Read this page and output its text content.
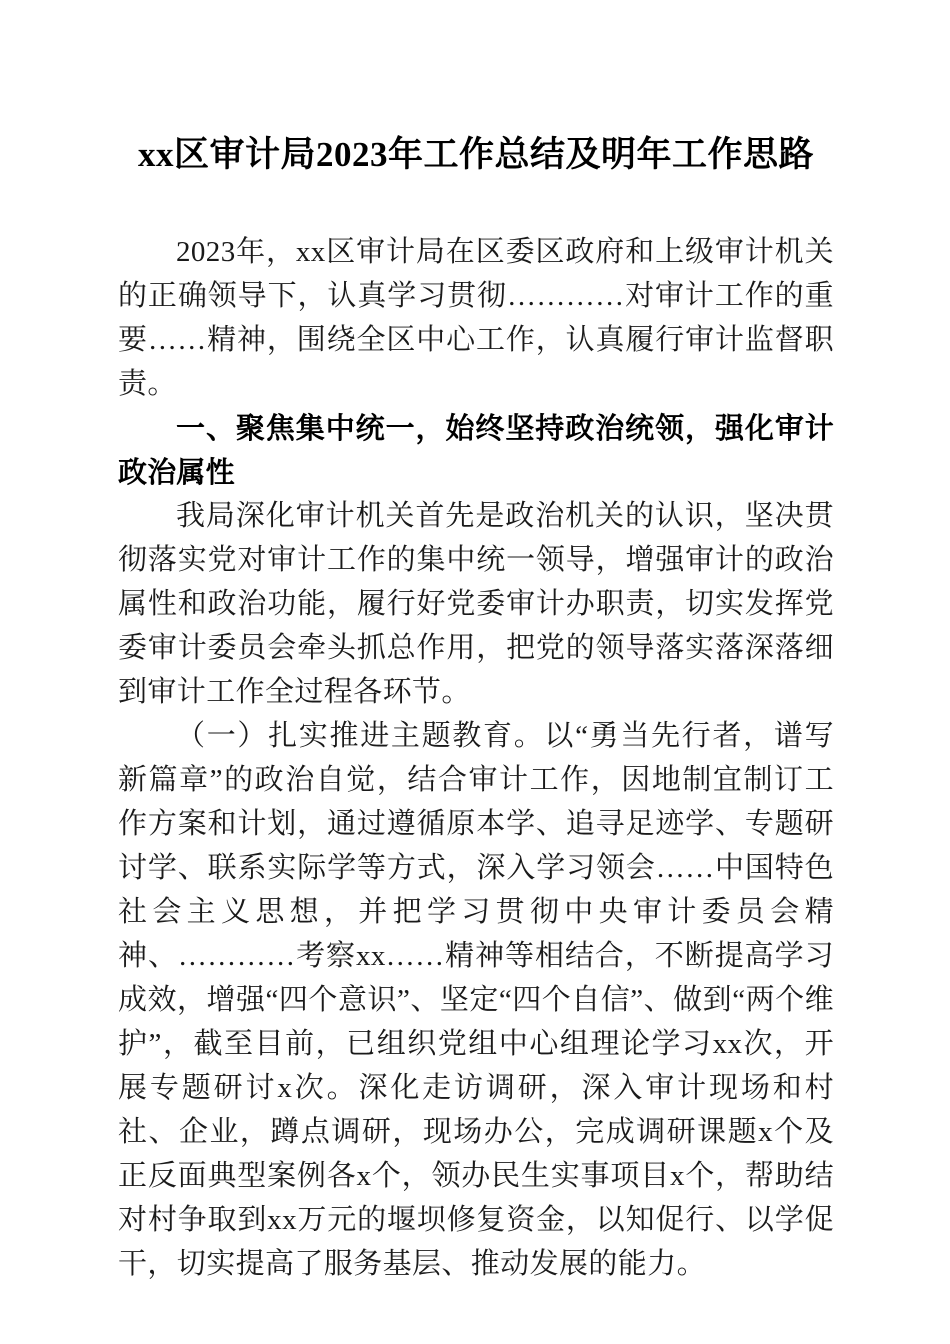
xx区审计局2023年工作总结及明年工作思路

2023年，xx区审计局在区委区政府和上级审计机关的正确领导下，认真学习贯彻…………对审计工作的重要……精神，围绕全区中心工作，认真履行审计监督职责。

一、聚焦集中统一，始终坚持政治统领，强化审计政治属性

我局深化审计机关首先是政治机关的认识，坚决贯彻落实党对审计工作的集中统一领导，增强审计的政治属性和政治功能，履行好党委审计办职责，切实发挥党委审计委员会牵头抓总作用，把党的领导落实落深落细到审计工作全过程各环节。

（一）扎实推进主题教育。以“勇当先行者，谱写新篇章”的政治自觉，结合审计工作，因地制宜制订工作方案和计划，通过遵循原本学、追寻足迹学、专题研讨学、联系实际学等方式，深入学习领会……中国特色社会主义思想，并把学习贯彻中央审计委员会精神、…………考察xx……精神等相结合，不断提高学习成效，增强“四个意识”、坚定“四个自信”、做到“两个维护”，截至目前，已组织党组中心组理论学习xx次，开展专题研讨x次。深化走访调研，深入审计现场和村社、企业，蹲点调研，现场办公，完成调研课题x个及正反面典型案例各x个，领办民生实事项目x个，帮助结对村争取到xx万元的堰坝修复资金，以知促行、以学促干，切实提高了服务基层、推动发展的能力。
